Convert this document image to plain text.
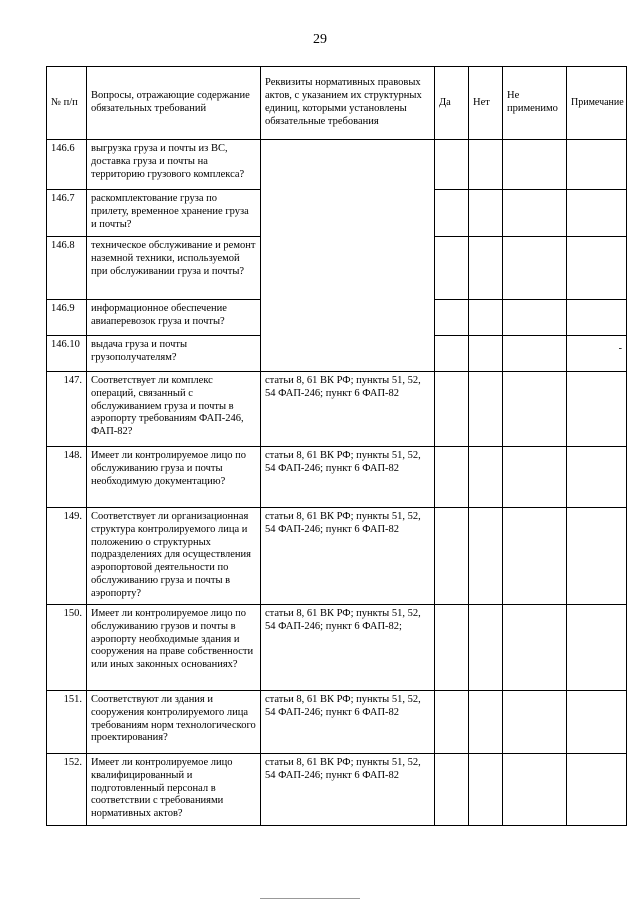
29
№ п/п	Вопросы, отражающие содержание обязательных требований	Реквизиты нормативных правовых актов, с указанием их структурных единиц, которыми установлены обязательные требования	Да	Нет	Не применимо	Примечание
146.6	выгрузка груза и почты из ВС, доставка груза и почты на территорию грузового комплекса?					
146.7	раскомплектование груза по прилету, временное хранение груза и почты?					
146.8	техническое обслуживание и ремонт наземной техники, используемой при обслуживании груза и почты?					
146.9	информационное обеспечение авиаперевозок груза и почты?					
146.10	выдача груза и почты грузополучателям?					-

147.	Соответствует ли комплекс операций, связанный с обслуживанием груза и почты в аэропорту требованиям ФАП-246, ФАП-82?	статьи 8, 61 ВК РФ; пункты 51, 52, 54 ФАП-246; пункт 6 ФАП-82				
148.	Имеет ли контролируемое лицо по обслуживанию груза и почты необходимую документацию?	статьи 8, 61 ВК РФ; пункты 51, 52, 54 ФАП-246; пункт 6 ФАП-82				
149.	Соответствует ли организационная структура контролируемого лица и положению о структурных подразделениях для осуществления аэропортовой деятельности по обслуживанию груза и почты в аэропорту?	статьи 8, 61 ВК РФ; пункты 51, 52, 54 ФАП-246; пункт 6 ФАП-82				
150.	Имеет ли контролируемое лицо по обслуживанию грузов и почты в аэропорту необходимые здания и сооружения на праве собственности или иных законных основаниях?	статьи 8, 61 ВК РФ; пункты 51, 52, 54 ФАП-246; пункт 6 ФАП-82;				
151.	Соответствуют ли здания и сооружения контролируемого лица требованиям норм технологического проектирования?	статьи 8, 61 ВК РФ; пункты 51, 52, 54 ФАП-246; пункт 6 ФАП-82				
152.	Имеет ли контролируемое лицо квалифицированный и подготовленный персонал в соответствии с требованиями нормативных актов?	статьи 8, 61 ВК РФ; пункты 51, 52, 54 ФАП-246; пункт 6 ФАП-82				
